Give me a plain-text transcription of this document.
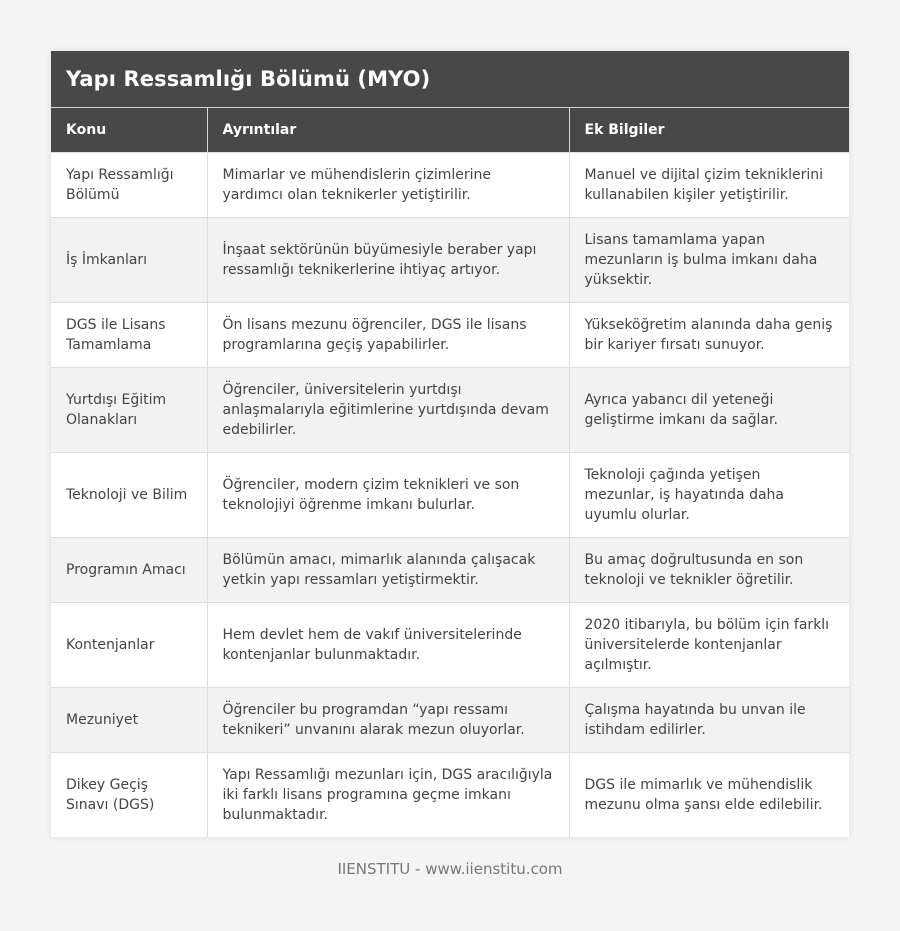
Yapı Ressamlığı Bölümü (MYO)
Konu	Ayrıntılar	Ek Bilgiler
Yapı Ressamlığı Bölümü	Mimarlar ve mühendislerin çizimlerine yardımcı olan teknikerler yetiştirilir.	Manuel ve dijital çizim tekniklerini kullanabilen kişiler yetiştirilir.
İş İmkanları	İnşaat sektörünün büyümesiyle beraber yapı ressamlığı teknikerlerine ihtiyaç artıyor.	Lisans tamamlama yapan mezunların iş bulma imkanı daha yüksektir.
DGS ile Lisans Tamamlama	Ön lisans mezunu öğrenciler, DGS ile lisans programlarına geçiş yapabilirler.	Yükseköğretim alanında daha geniş bir kariyer fırsatı sunuyor.
Yurtdışı Eğitim Olanakları	Öğrenciler, üniversitelerin yurtdışı anlaşmalarıyla eğitimlerine yurtdışında devam edebilirler.	Ayrıca yabancı dil yeteneği geliştirme imkanı da sağlar.
Teknoloji ve Bilim	Öğrenciler, modern çizim teknikleri ve son teknolojiyi öğrenme imkanı bulurlar.	Teknoloji çağında yetişen mezunlar, iş hayatında daha uyumlu olurlar.
Programın Amacı	Bölümün amacı, mimarlık alanında çalışacak yetkin yapı ressamları yetiştirmektir.	Bu amaç doğrultusunda en son teknoloji ve teknikler öğretilir.
Kontenjanlar	Hem devlet hem de vakıf üniversitelerinde kontenjanlar bulunmaktadır.	2020 itibarıyla, bu bölüm için farklı üniversitelerde kontenjanlar açılmıştır.
Mezuniyet	Öğrenciler bu programdan “yapı ressamı teknikeri” unvanını alarak mezun oluyorlar.	Çalışma hayatında bu unvan ile istihdam edilirler.
Dikey Geçiş Sınavı (DGS)	Yapı Ressamlığı mezunları için, DGS aracılığıyla iki farklı lisans programına geçme imkanı bulunmaktadır.	DGS ile mimarlık ve mühendislik mezunu olma şansı elde edilebilir.
IIENSTITU - www.iienstitu.com
